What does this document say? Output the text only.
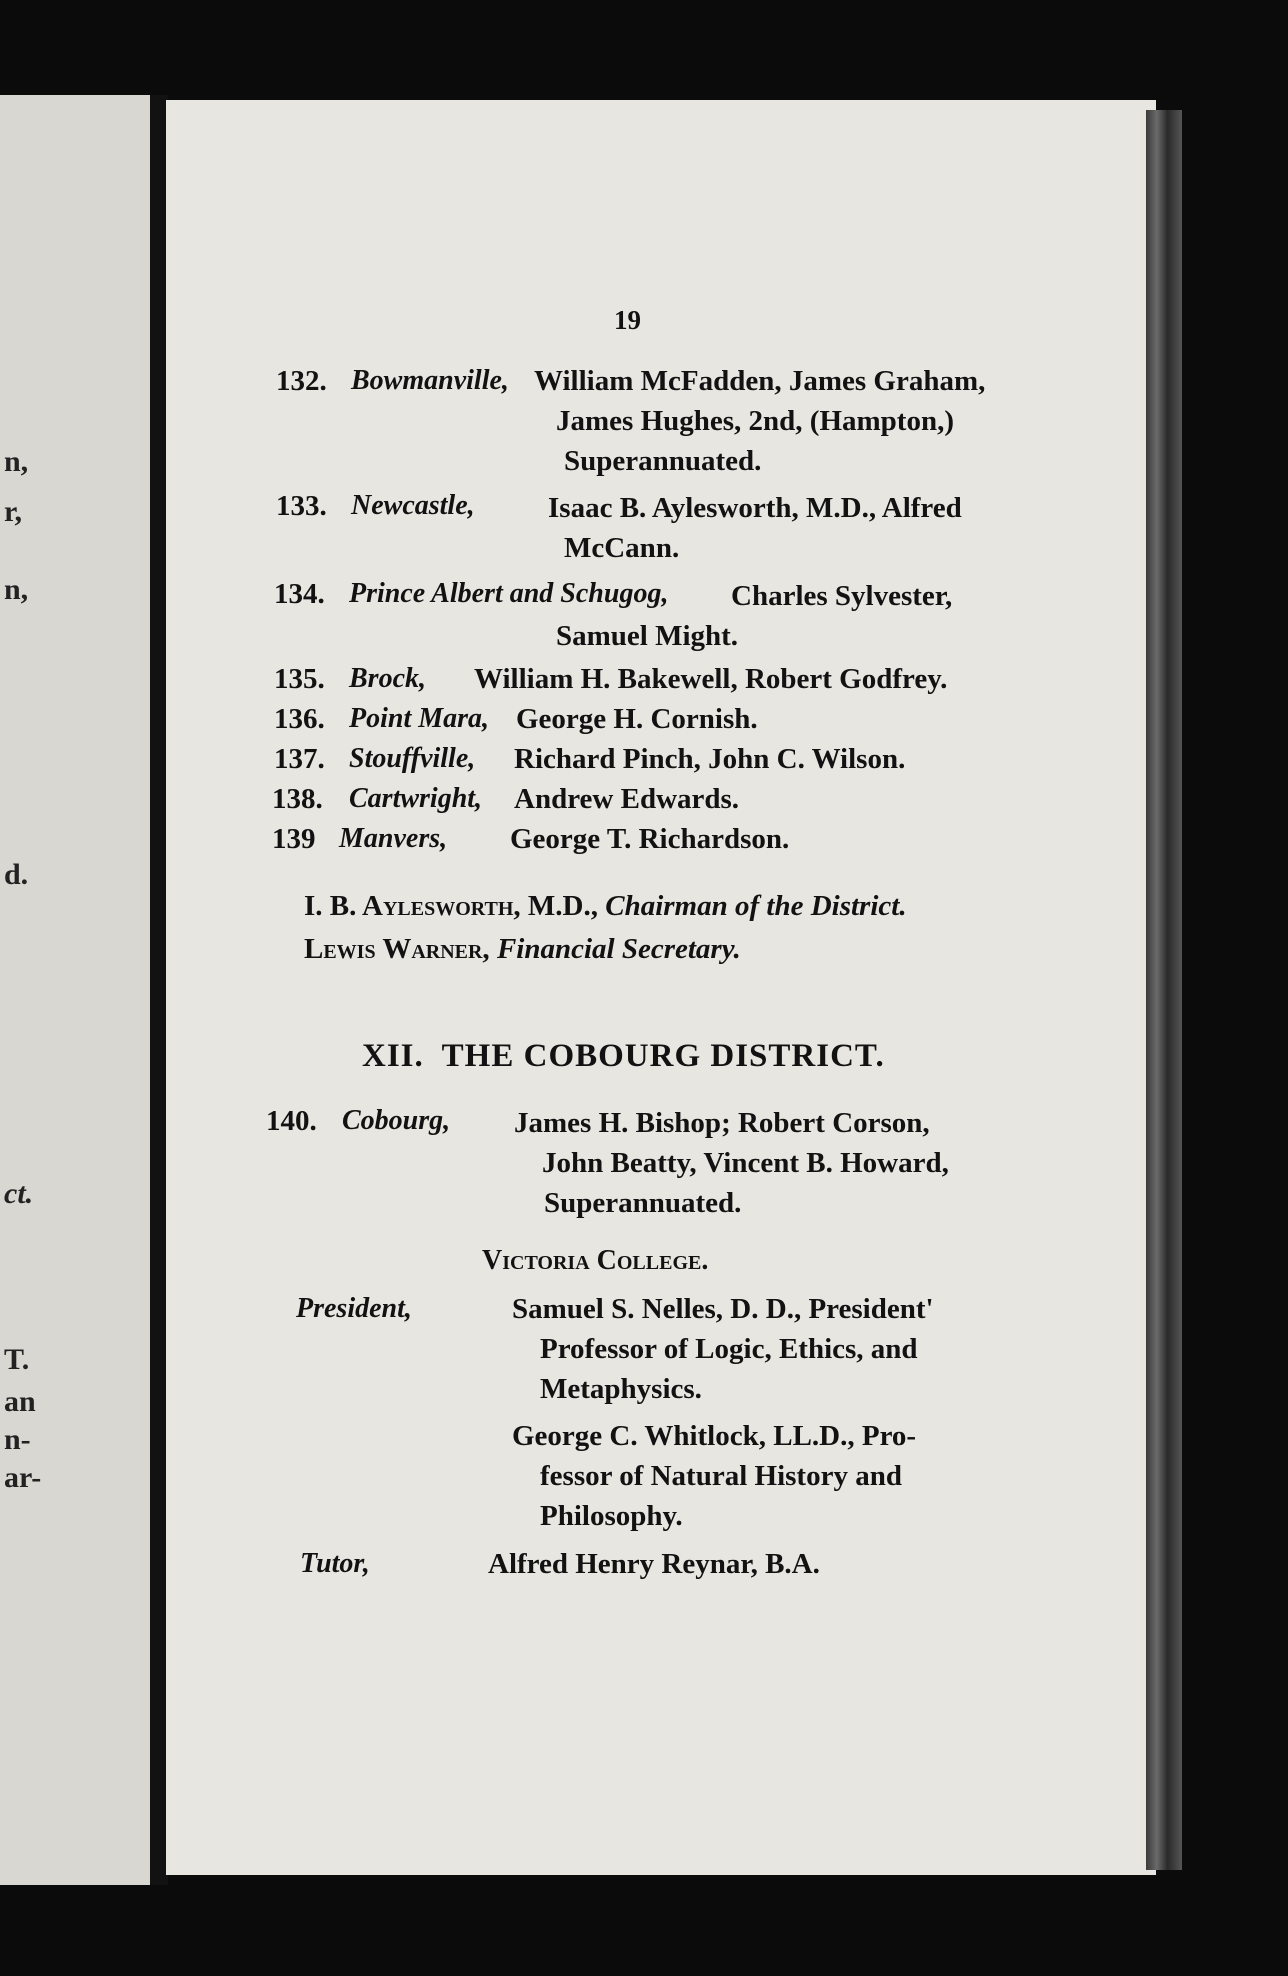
n,
r,
n,
d.
ct.
T.
an
n-
ar-
19
132. Bowmanville, William McFadden, James Graham,
James Hughes, 2nd, (Hampton,)
Superannuated.
133. Newcastle,	Isaac B. Aylesworth, M.D., Alfred
McCann.
134. Prince Albert and Schugog, Charles Sylvester,
Samuel Might.
135. Brock, William H. Bakewell, Robert Godfrey.
136. Point Mara, George H. Cornish.
137. Stouffville, Richard Pinch, John C. Wilson.
138. Cartwright, Andrew Edwards.
139 Manvers, George T. Richardson.
I. B. Aylesworth, M.D., Chairman of the District.
Lewis Warner, Financial Secretary.
XII.  THE COBOURG DISTRICT.
140. Cobourg, James H. Bishop; Robert Corson,
John Beatty, Vincent B. Howard,
Superannuated.
Victoria College.
President,	Samuel S. Nelles, D. D., President'
Professor of Logic, Ethics, and
Metaphysics.
George C. Whitlock, LL.D., Pro-
fessor of Natural History and
Philosophy.
Tutor,	Alfred Henry Reynar, B.A.
